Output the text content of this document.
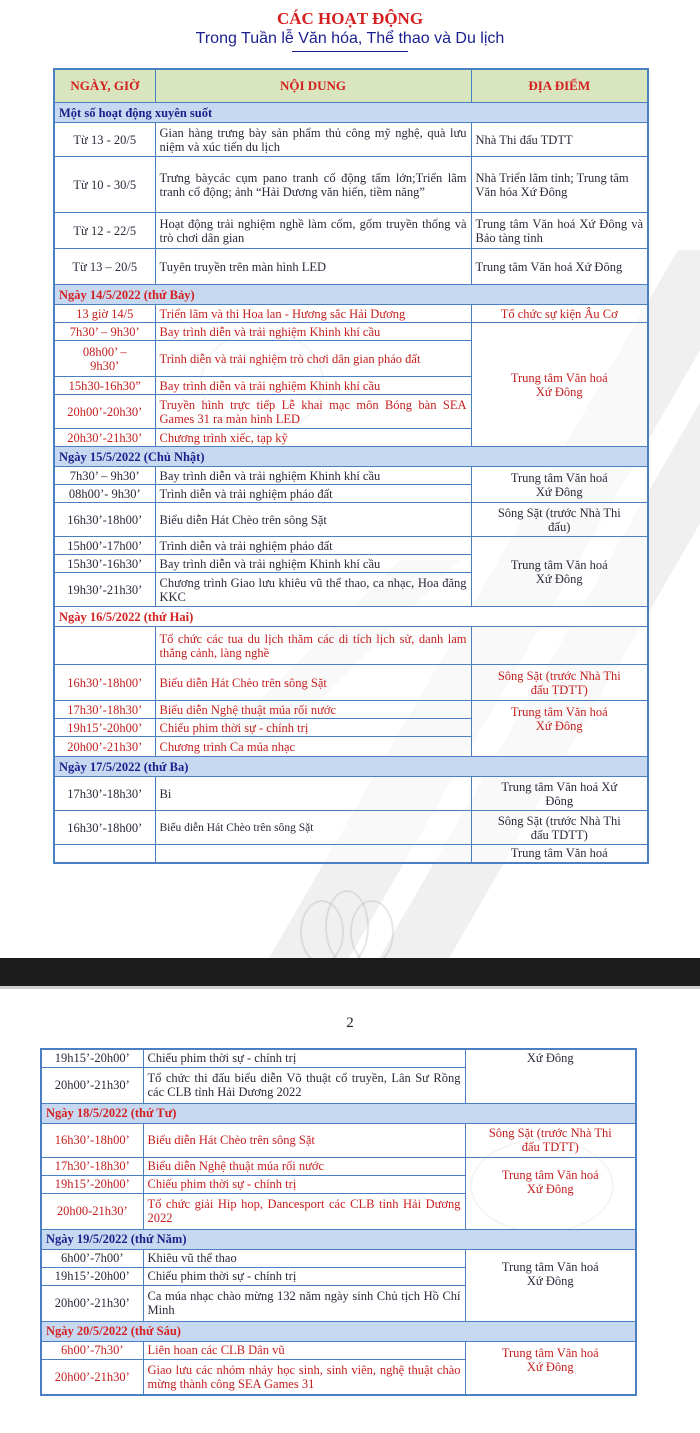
CÁC HOẠT ĐỘNG
Trong Tuần lễ Văn hóa, Thể thao và Du lịch
NGÀY, GIỜ	NỘI DUNG	ĐỊA ĐIỂM
Một số hoạt động xuyên suốt		
Từ 13 - 20/5	Gian hàng trưng bày sản phẩm thủ công mỹ nghệ, quà lưu niệm và xúc tiến du lịch	Nhà Thi đấu TDTT
Từ 10 - 30/5	Trưng bàycác cụm pano tranh cổ động tấm lớn;Triển lãm tranh cổ động; ảnh “Hải Dương văn hiến, tiềm năng”	Nhà Triển lãm tỉnh; Trung tâm Văn hóa Xứ Đông
Từ 12 - 22/5	Hoạt động trải nghiệm nghề làm cốm, gốm truyền thống và trò chơi dân gian	Trung tâm Văn hoá Xứ Đông và Bảo tàng tỉnh
Từ 13 – 20/5	Tuyên truyền trên màn hình LED	Trung tâm Văn hoá Xứ Đông
Ngày 14/5/2022 (thứ Bảy)		
13 giờ 14/5	Triển lãm và thi Hoa lan - Hương sắc Hải Dương	Tổ chức sự kiện Âu Cơ
7h30’ – 9h30’	Bay trình diễn và trải nghiệm Khinh khí cầu	Trung tâm Văn hoá Xứ Đông
08h00’ – 9h30’	Trình diễn và trải nghiệm trò chơi dân gian pháo đất	
15h30-16h30”	Bay trình diễn và trải nghiệm Khinh khí cầu	
20h00’-20h30’	Truyền hình trực tiếp Lễ khai mạc môn Bóng bàn SEA Games 31 ra màn hình LED	
20h30’-21h30’	Chương trình xiếc, tạp kỹ	
Ngày 15/5/2022 (Chủ Nhật)		
7h30’ – 9h30’	Bay trình diễn và trải nghiệm Khinh khí cầu	Trung tâm Văn hoá Xứ Đông
08h00’- 9h30’	Trình diễn và trải nghiệm pháo đất	
16h30’-18h00’	Biểu diễn Hát Chèo trên sông Sặt	Sông Sặt (trước Nhà Thi đấu)
15h00’-17h00’	Trình diễn và trải nghiệm pháo đất	Trung tâm Văn hoá Xứ Đông
15h30’-16h30’	Bay trình diễn và trải nghiệm Khinh khí cầu	
19h30’-21h30’	Chương trình Giao lưu khiêu vũ thể thao, ca nhạc, Hoa đăng KKC	
Ngày 16/5/2022 (thứ Hai)		
	Tổ chức các tua du lịch thăm các di tích lịch sử, danh lam thắng cảnh, làng nghề	
16h30’-18h00’	Biểu diễn Hát Chèo trên sông Sặt	Sông Sặt (trước Nhà Thi đấu TDTT)
17h30’-18h30’	Biểu diễn Nghệ thuật múa rối nước	Trung tâm Văn hoá Xứ Đông
19h15’-20h00’	Chiếu phim thời sự - chính trị	
20h00’-21h30’	Chương trình Ca múa nhạc	
Ngày 17/5/2022 (thứ Ba)		
17h30’-18h30’	Bi	Trung tâm Văn hoá Xứ Đông
16h30’-18h00’	Biểu diễn Hát Chèo trên sông Sặt	Sông Sặt (trước Nhà Thi đấu TDTT)
		Trung tâm Văn hoá
2
19h15’-20h00’	Chiếu phim thời sự - chính trị	Xứ Đông
20h00’-21h30’	Tổ chức thi đấu biểu diễn Võ thuật cổ truyền, Lân Sư Rồng các CLB tỉnh Hải Dương 2022	
Ngày 18/5/2022 (thứ Tư)		
16h30’-18h00’	Biểu diễn Hát Chèo trên sông Sặt	Sông Sặt (trước Nhà Thi đấu TDTT)
17h30’-18h30’	Biểu diễn Nghệ thuật múa rối nước	Trung tâm Văn hoá Xứ Đông
19h15’-20h00’	Chiếu phim thời sự - chính trị	
20h00-21h30’	Tổ chức giải Hip hop, Dancesport các CLB tỉnh Hải Dương 2022	
Ngày 19/5/2022 (thứ Năm)		
6h00’-7h00’	Khiêu vũ thể thao	Trung tâm Văn hoá Xứ Đông
19h15’-20h00’	Chiếu phim thời sự - chính trị	
20h00’-21h30’	Ca múa nhạc chào mừng 132 năm ngày sinh Chủ tịch Hồ Chí Minh	
Ngày 20/5/2022 (thứ Sáu)		
6h00’-7h30’	Liên hoan các CLB Dân vũ	Trung tâm Văn hoá Xứ Đông
20h00’-21h30’	Giao lưu các nhóm nhảy học sinh, sinh viên, nghệ thuật chào mừng thành công SEA Games 31	
